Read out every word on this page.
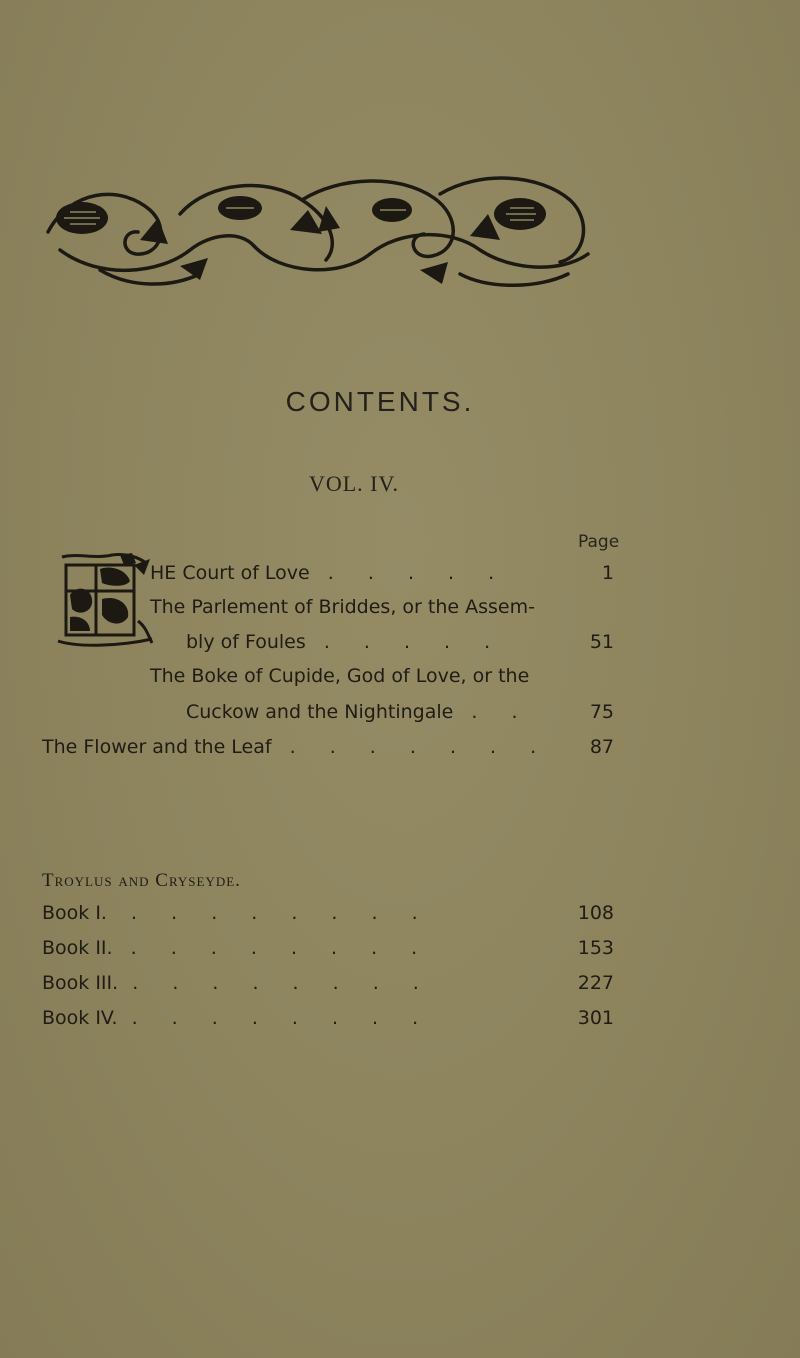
CONTENTS.
VOL. IV.
Page
HE Court of Love . . . . .	1
The Parlement of Briddes, or the Assem-
bly of Foules . . . . .	51
The Boke of Cupide, God of Love, or the
Cuckow and the Nightingale . .	75
The Flower and the Leaf . . . . . . . 87
Troylus and Cryseyde.
Book I. . . . . . . . .	108
Book II. . . . . . . . .	153
Book III. . . . . . . . .	227
Book IV. . . . . . . . .	301
